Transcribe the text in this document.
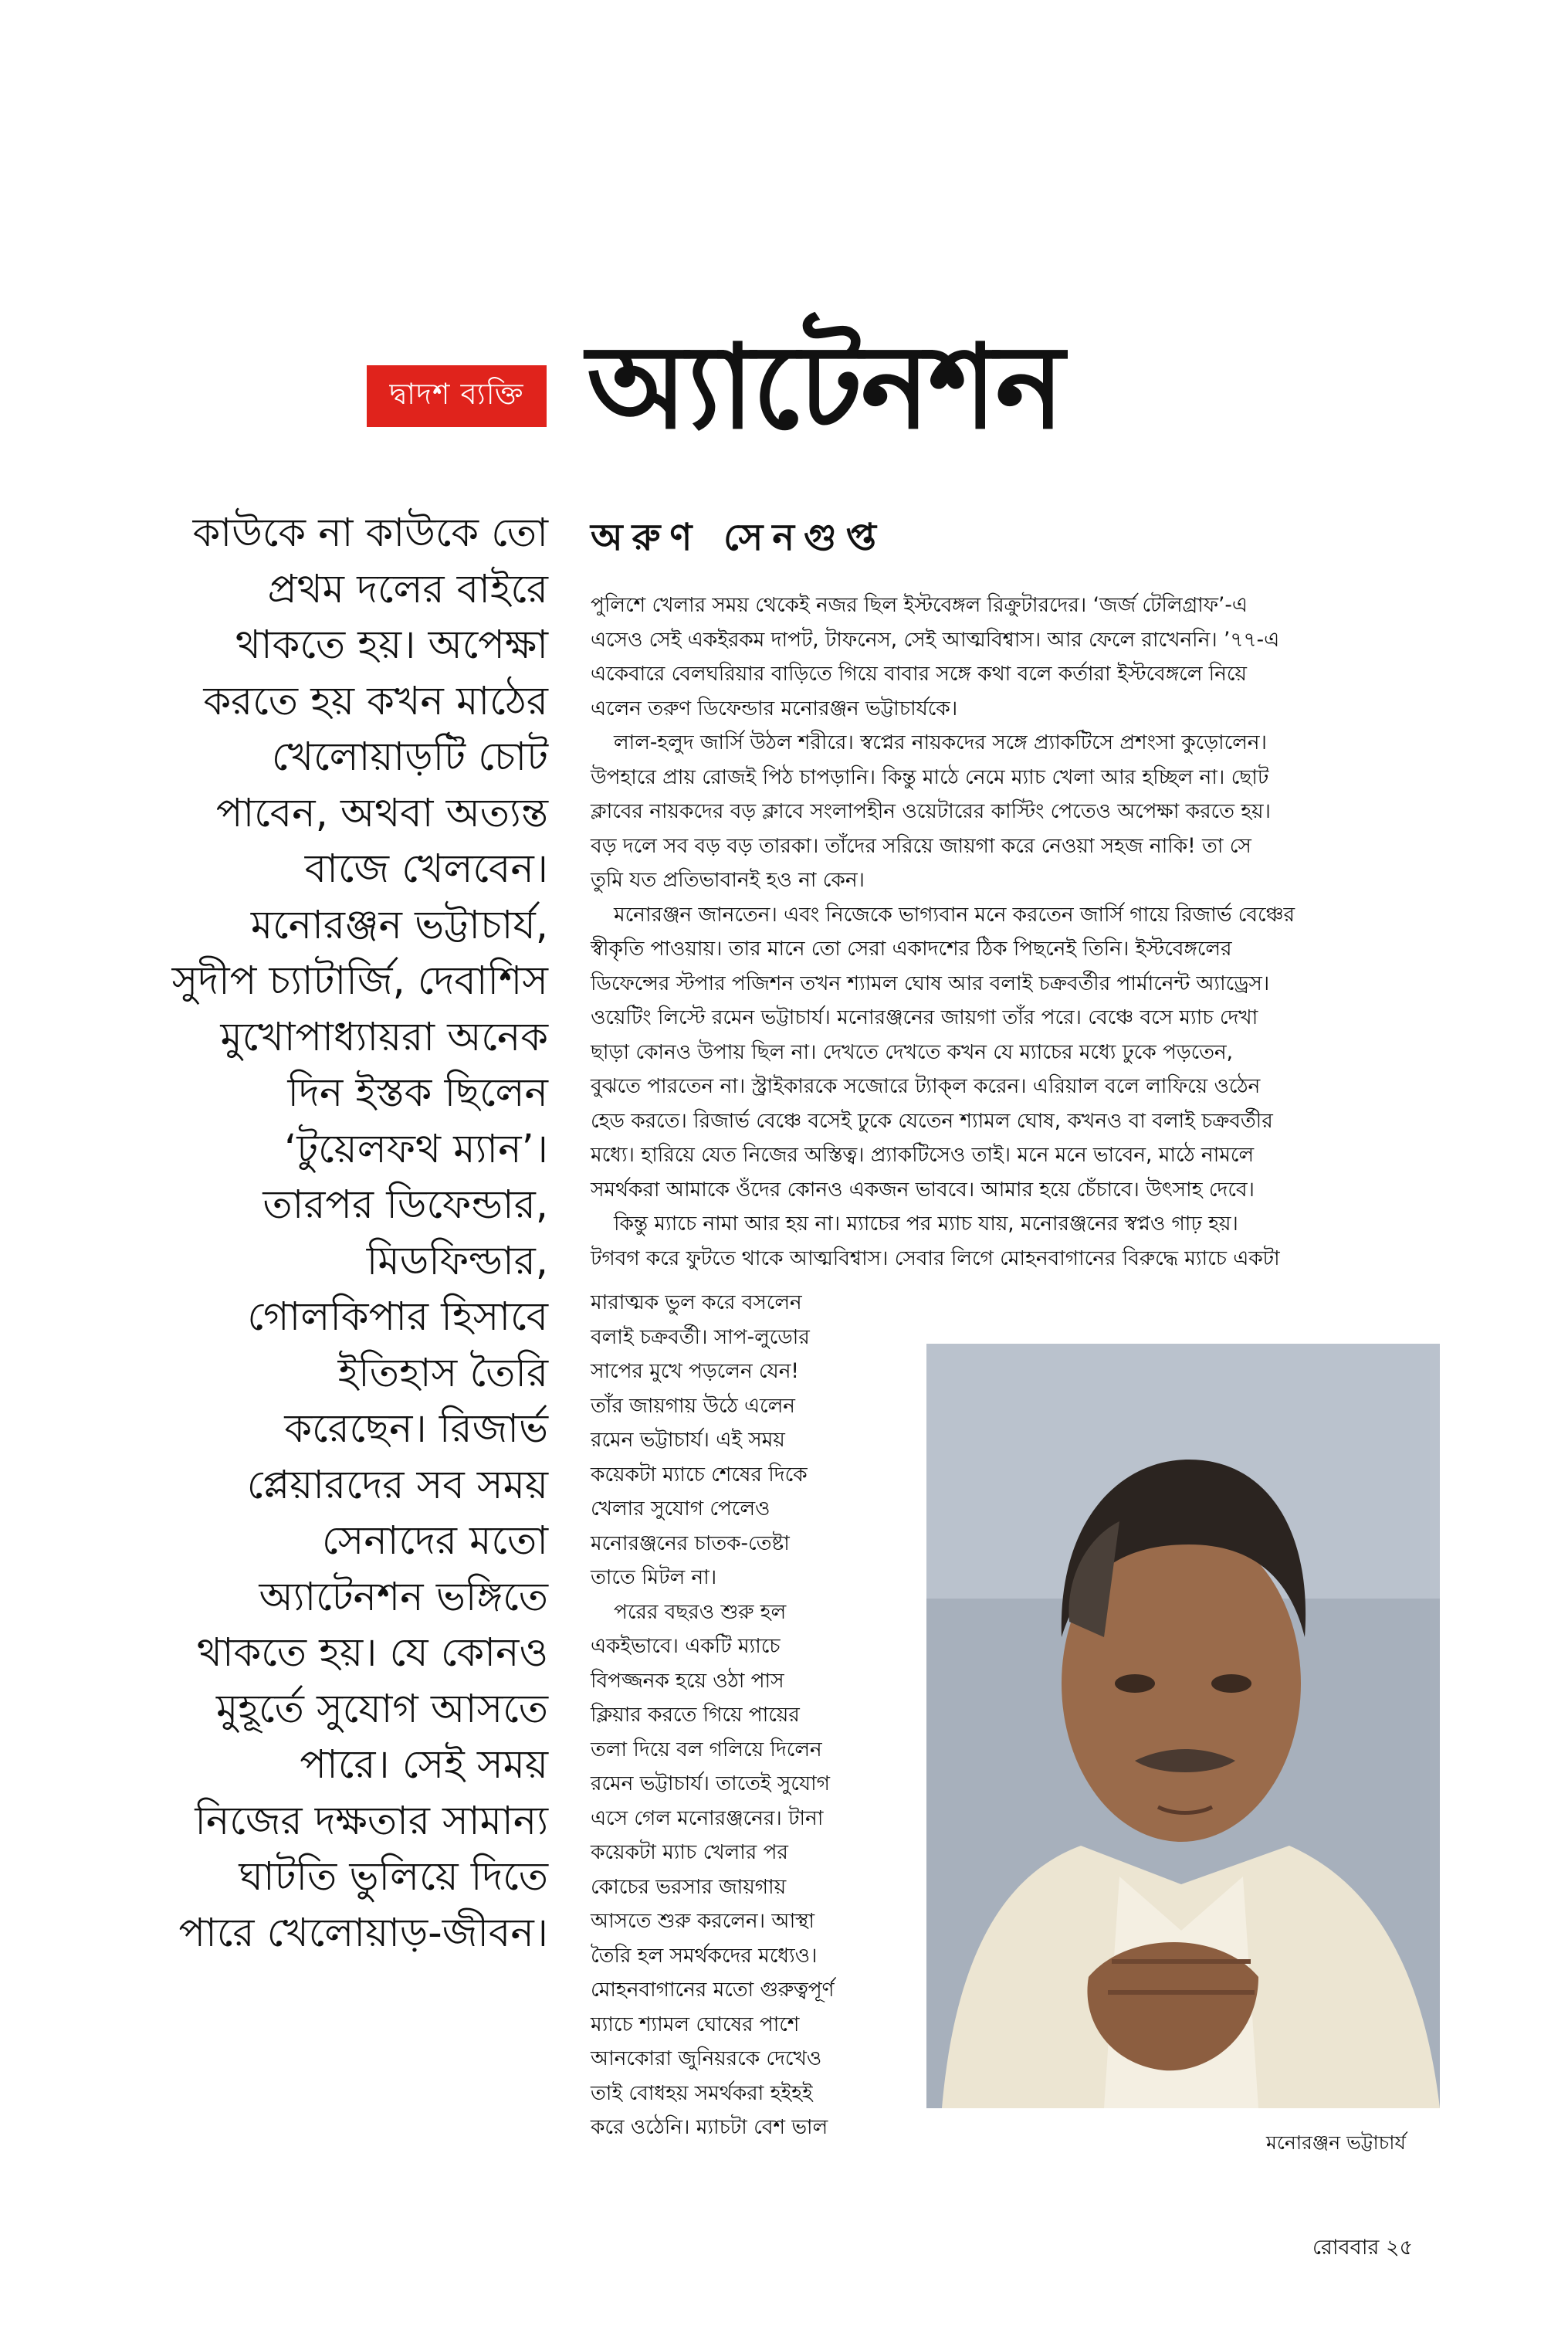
দ্বাদশ ব্যক্তি অ্যাটেনশন
কাউকে না কাউকে তো
প্রথম দলের বাইরে
থাকতে হয়। অপেক্ষা
করতে হয় কখন মাঠের
খেলোয়াড়টি চোট
পাবেন, অথবা অত্যন্ত
বাজে খেলবেন।
মনোরঞ্জন ভট্টাচার্য,
সুদীপ চ্যাটার্জি, দেবাশিস
মুখোপাধ্যায়রা অনেক
দিন ইস্তক ছিলেন
‘টুয়েলফথ ম্যান’।
তারপর ডিফেন্ডার,
মিডফিল্ডার,
গোলকিপার হিসাবে
ইতিহাস তৈরি
করেছেন। রিজার্ভ
প্লেয়ারদের সব সময়
সেনাদের মতো
অ্যাটেনশন ভঙ্গিতে
থাকতে হয়। যে কোনও
মুহূর্তে সুযোগ আসতে
পারে। সেই সময়
নিজের দক্ষতার সামান্য
ঘাটতি ভুলিয়ে দিতে
পারে খেলোয়াড়-জীবন।
অরুণ সেনগুপ্ত
পুলিশে খেলার সময় থেকেই নজর ছিল ইস্টবেঙ্গল রিক্রুটারদের। ‘জর্জ টেলিগ্রাফ’-এ
এসেও সেই একইরকম দাপট, টাফনেস, সেই আত্মবিশ্বাস। আর ফেলে রাখেননি। ’৭৭-এ
একেবারে বেলঘরিয়ার বাড়িতে গিয়ে বাবার সঙ্গে কথা বলে কর্তারা ইস্টবেঙ্গলে নিয়ে
এলেন তরুণ ডিফেন্ডার মনোরঞ্জন ভট্টাচার্যকে।
লাল-হলুদ জার্সি উঠল শরীরে। স্বপ্নের নায়কদের সঙ্গে প্র্যাকটিসে প্রশংসা কুড়োলেন।
উপহারে প্রায় রোজই পিঠ চাপড়ানি। কিন্তু মাঠে নেমে ম্যাচ খেলা আর হচ্ছিল না। ছোট
ক্লাবের নায়কদের বড় ক্লাবে সংলাপহীন ওয়েটারের কাস্টিং পেতেও অপেক্ষা করতে হয়।
বড় দলে সব বড় বড় তারকা। তাঁদের সরিয়ে জায়গা করে নেওয়া সহজ নাকি! তা সে
তুমি যত প্রতিভাবানই হও না কেন।
মনোরঞ্জন জানতেন। এবং নিজেকে ভাগ্যবান মনে করতেন জার্সি গায়ে রিজার্ভ বেঞ্চের
স্বীকৃতি পাওয়ায়। তার মানে তো সেরা একাদশের ঠিক পিছনেই তিনি। ইস্টবেঙ্গলের
ডিফেন্সের স্টপার পজিশন তখন শ্যামল ঘোষ আর বলাই চক্রবর্তীর পার্মানেন্ট অ্যাড্রেস।
ওয়েটিং লিস্টে রমেন ভট্টাচার্য। মনোরঞ্জনের জায়গা তাঁর পরে। বেঞ্চে বসে ম্যাচ দেখা
ছাড়া কোনও উপায় ছিল না। দেখতে দেখতে কখন যে ম্যাচের মধ্যে ঢুকে পড়তেন,
বুঝতে পারতেন না। স্ট্রাইকারকে সজোরে ট্যাক্‌ল করেন। এরিয়াল বলে লাফিয়ে ওঠেন
হেড করতে। রিজার্ভ বেঞ্চে বসেই ঢুকে যেতেন শ্যামল ঘোষ, কখনও বা বলাই চক্রবর্তীর
মধ্যে। হারিয়ে যেত নিজের অস্তিত্ব। প্র্যাকটিসেও তাই। মনে মনে ভাবেন, মাঠে নামলে
সমর্থকরা আমাকে ওঁদের কোনও একজন ভাববে। আমার হয়ে চেঁচাবে। উৎসাহ দেবে।
কিন্তু ম্যাচে নামা আর হয় না। ম্যাচের পর ম্যাচ যায়, মনোরঞ্জনের স্বপ্নও গাঢ় হয়।
টগবগ করে ফুটতে থাকে আত্মবিশ্বাস। সেবার লিগে মোহনবাগানের বিরুদ্ধে ম্যাচে একটা
মারাত্মক ভুল করে বসলেন
বলাই চক্রবর্তী। সাপ-লুডোর
সাপের মুখে পড়লেন যেন!
তাঁর জায়গায় উঠে এলেন
রমেন ভট্টাচার্য। এই সময়
কয়েকটা ম্যাচে শেষের দিকে
খেলার সুযোগ পেলেও
মনোরঞ্জনের চাতক-তেষ্টা
তাতে মিটল না।
পরের বছরও শুরু হল
একইভাবে। একটি ম্যাচে
বিপজ্জনক হয়ে ওঠা পাস
ক্লিয়ার করতে গিয়ে পায়ের
তলা দিয়ে বল গলিয়ে দিলেন
রমেন ভট্টাচার্য। তাতেই সুযোগ
এসে গেল মনোরঞ্জনের। টানা
কয়েকটা ম্যাচ খেলার পর
কোচের ভরসার জায়গায়
আসতে শুরু করলেন। আস্থা
তৈরি হল সমর্থকদের মধ্যেও।
মোহনবাগানের মতো গুরুত্বপূর্ণ
ম্যাচে শ্যামল ঘোষের পাশে
আনকোরা জুনিয়রকে দেখেও
তাই বোধহয় সমর্থকরা হইহই
করে ওঠেনি। ম্যাচটা বেশ ভাল
মনোরঞ্জন ভট্টাচার্য
রোববার ২৫
